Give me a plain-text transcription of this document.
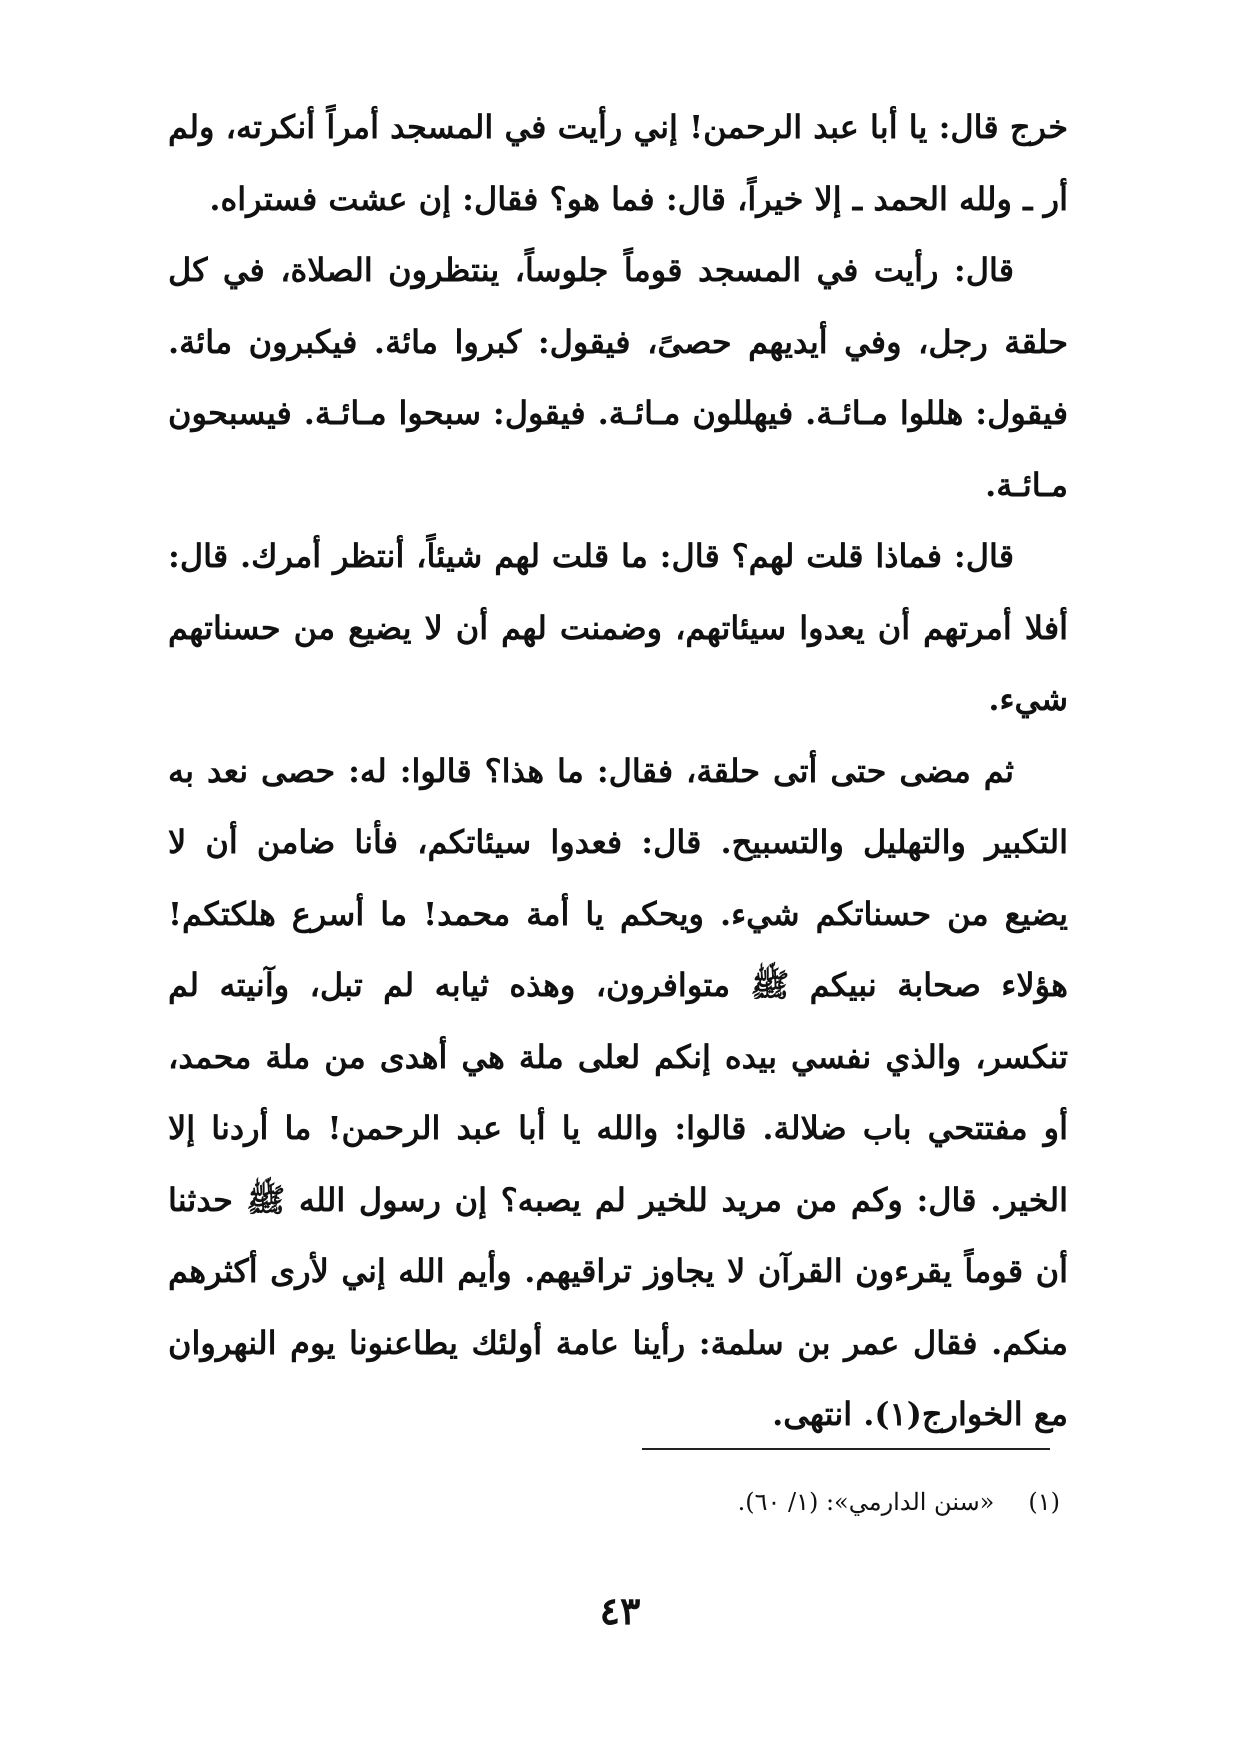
خرج قال: يا أبا عبد الرحمن! إني رأيت في المسجد أمراً أنكرته، ولم أر ـ ولله الحمد ـ إلا خيراً، قال: فما هو؟ فقال: إن عشت فستراه.

قال: رأيت في المسجد قوماً جلوساً، ينتظرون الصلاة، في كل حلقة رجل، وفي أيديهم حصىً، فيقول: كبروا مائة. فيكبرون مائة. فيقول: هللوا مـائـة. فيهللون مـائـة. فيقول: سبحوا مـائـة. فيسبحون مـائـة.

قال: فماذا قلت لهم؟ قال: ما قلت لهم شيئاً، أنتظر أمرك. قال: أفلا أمرتهم أن يعدوا سيئاتهم، وضمنت لهم أن لا يضيع من حسناتهم شيء.

ثم مضى حتى أتى حلقة، فقال: ما هذا؟ قالوا: له: حصى نعد به التكبير والتهليل والتسبيح. قال: فعدوا سيئاتكم، فأنا ضامن أن لا يضيع من حسناتكم شيء. ويحكم يا أمة محمد! ما أسرع هلكتكم! هؤلاء صحابة نبيكم ﷺ متوافرون، وهذه ثيابه لم تبل، وآنيته لم تنكسر، والذي نفسي بيده إنكم لعلى ملة هي أهدى من ملة محمد، أو مفتتحي باب ضلالة. قالوا: والله يا أبا عبد الرحمن! ما أردنا إلا الخير. قال: وكم من مريد للخير لم يصبه؟ إن رسول الله ﷺ حدثنا أن قوماً يقرءون القرآن لا يجاوز تراقيهم. وأيم الله إني لأرى أكثرهم منكم. فقال عمر بن سلمة: رأينا عامة أولئك يطاعنونا يوم النهروان مع الخوارج(١). انتهى.

(١)«سنن الدارمي»: (١/ ٦٠).
٤٣
